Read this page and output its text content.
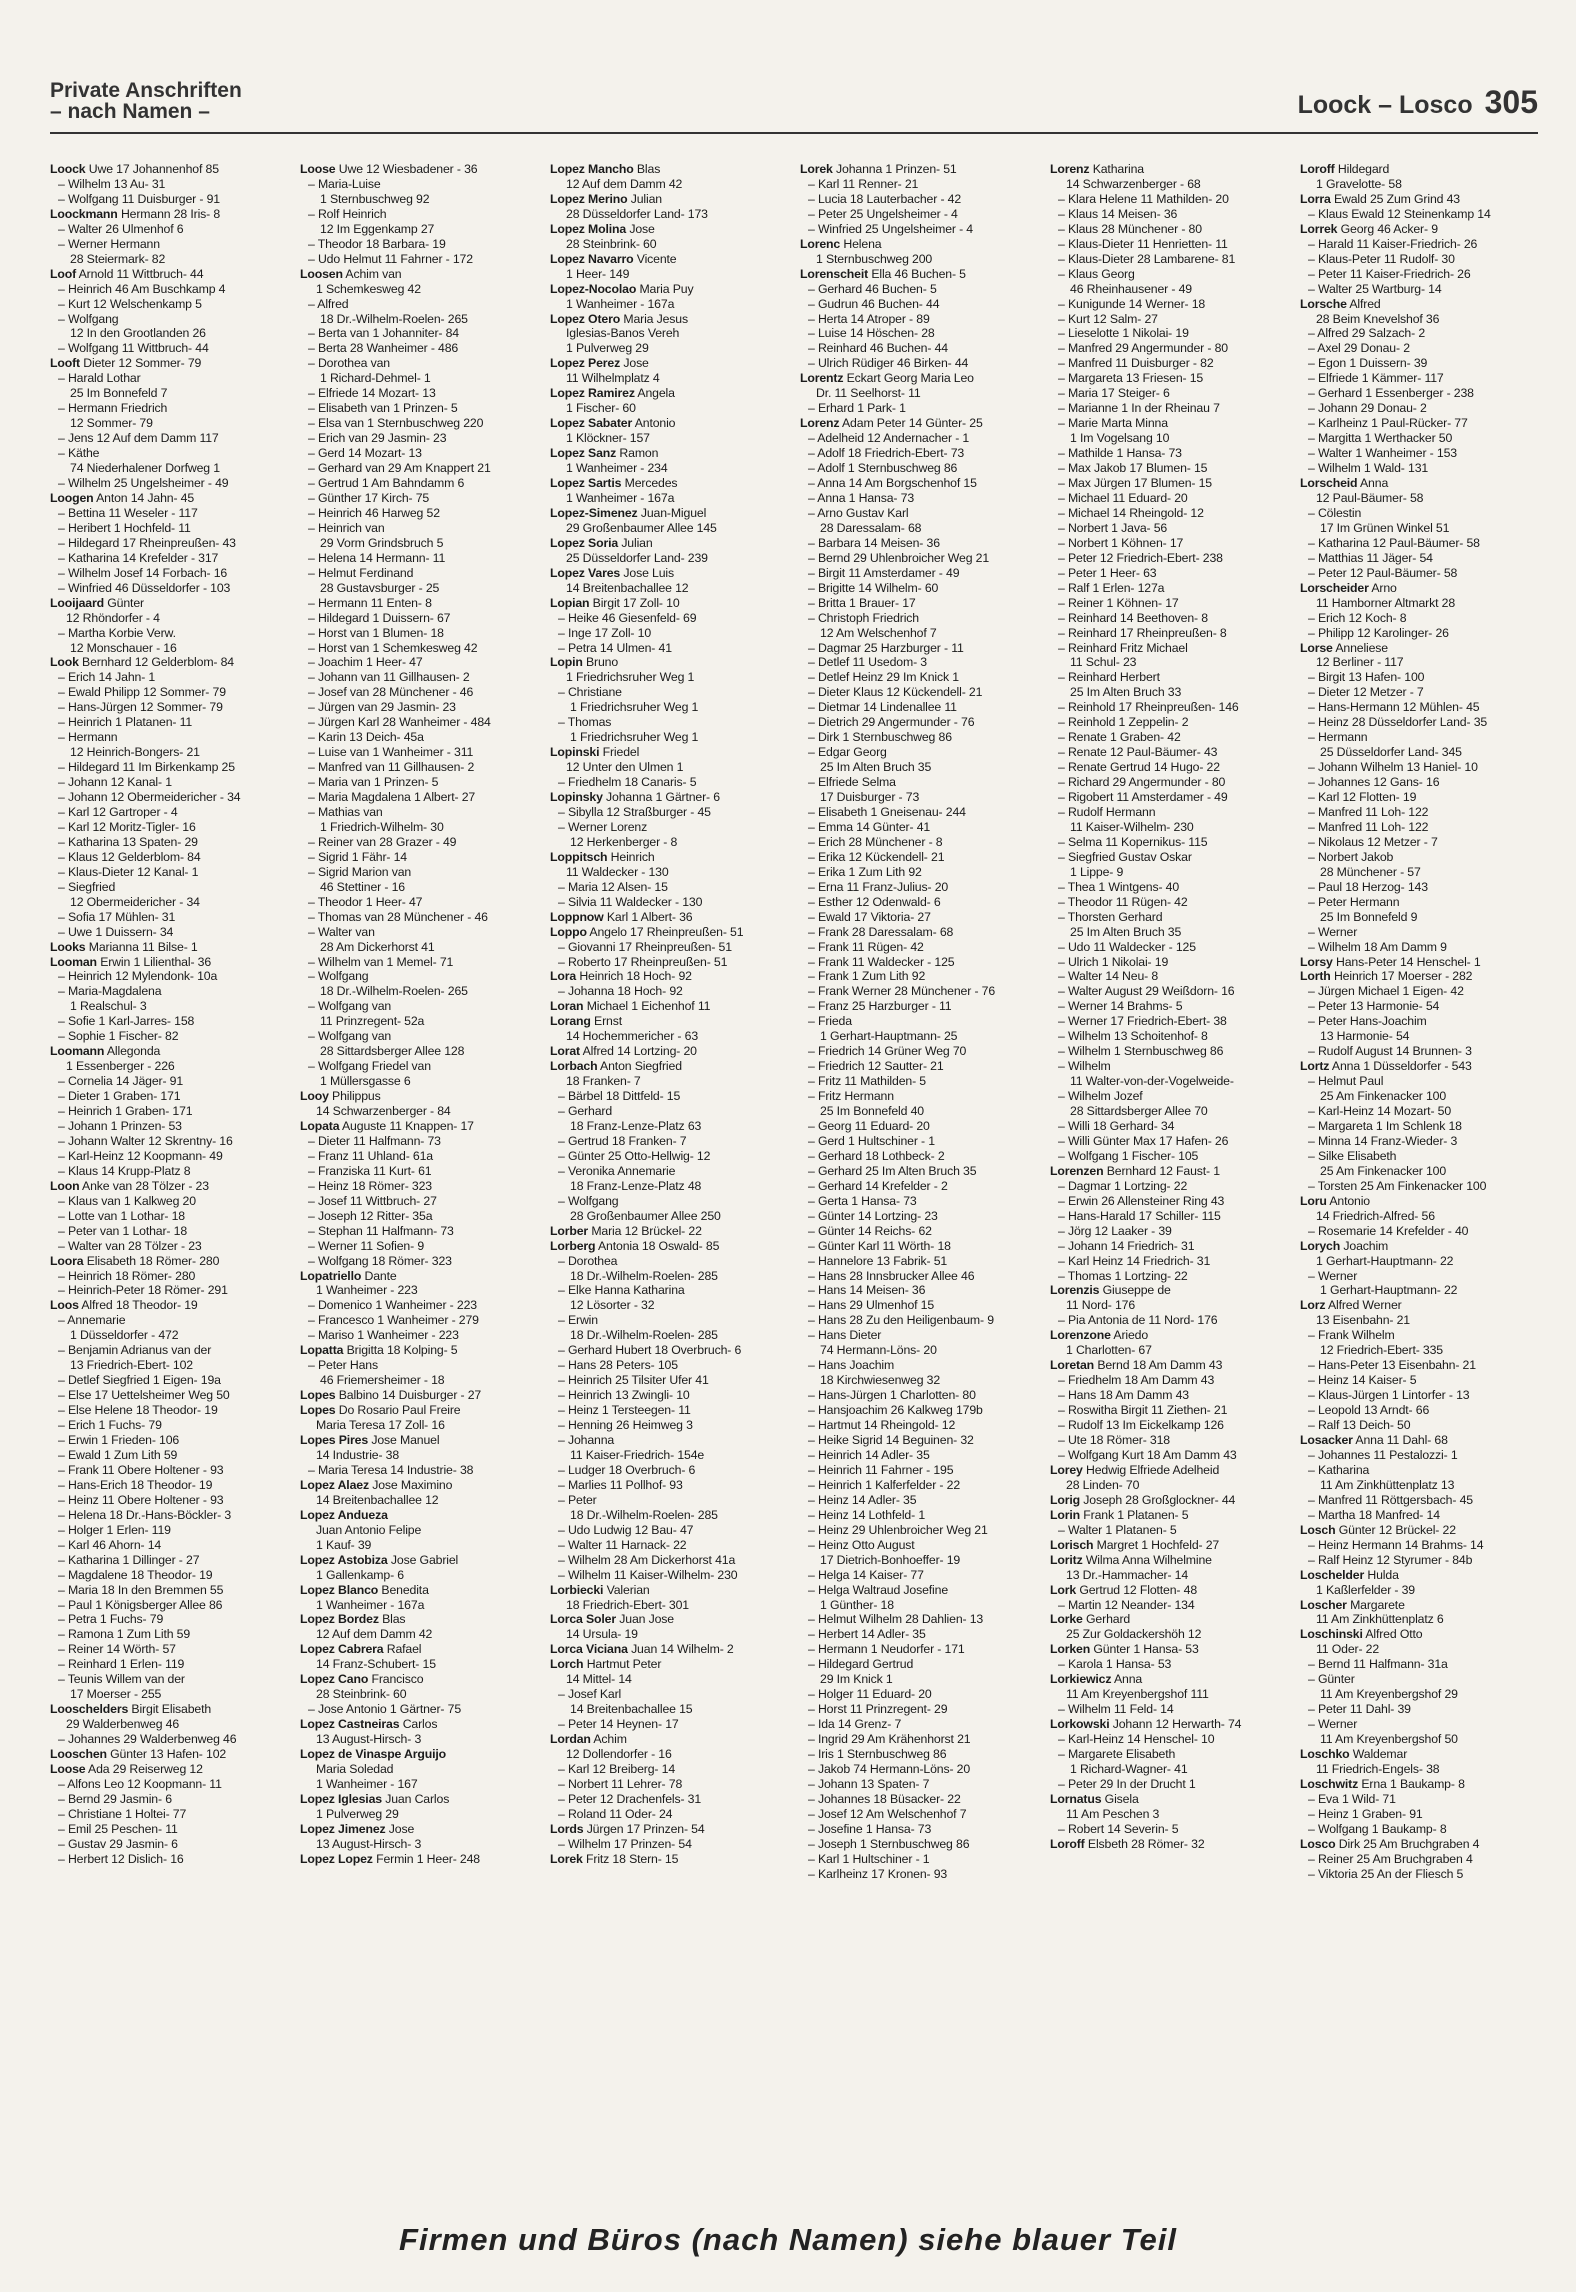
Private Anschriften
– nach Namen –	Loock – Losco 305
Loock Uwe 17 Johannenhof 85
– Wilhelm 13 Au- 31
– Wolfgang 11 Duisburger - 91
Loockmann Hermann 28 Iris- 8
– Walter 26 Ulmenhof 6
– Werner Hermann
28 Steiermark- 82
Loof Arnold 11 Wittbruch- 44
– Heinrich 46 Am Buschkamp 4
– Kurt 12 Welschenkamp 5
– Wolfgang
12 In den Grootlanden 26
– Wolfgang 11 Wittbruch- 44
Looft Dieter 12 Sommer- 79
– Harald Lothar
25 Im Bonnefeld 7
– Hermann Friedrich
12 Sommer- 79
– Jens 12 Auf dem Damm 117
– Käthe
74 Niederhalener Dorfweg 1
– Wilhelm 25 Ungelsheimer - 49
Loogen Anton 14 Jahn- 45
– Bettina 11 Weseler - 117
– Heribert 1 Hochfeld- 11
– Hildegard 17 Rheinpreußen- 43
– Katharina 14 Krefelder - 317
– Wilhelm Josef 14 Forbach- 16
– Winfried 46 Düsseldorfer - 103
Looijaard Günter
12 Rhöndorfer - 4
– Martha Korbie Verw.
12 Monschauer - 16
Look Bernhard 12 Gelderblom- 84
– Erich 14 Jahn- 1
– Ewald Philipp 12 Sommer- 79
– Hans-Jürgen 12 Sommer- 79
– Heinrich 1 Platanen- 11
– Hermann
12 Heinrich-Bongers- 21
– Hildegard 11 Im Birkenkamp 25
– Johann 12 Kanal- 1
– Johann 12 Obermeidericher - 34
– Karl 12 Gartroper - 4
– Karl 12 Moritz-Tigler- 16
– Katharina 13 Spaten- 29
– Klaus 12 Gelderblom- 84
– Klaus-Dieter 12 Kanal- 1
– Siegfried
12 Obermeidericher - 34
– Sofia 17 Mühlen- 31
– Uwe 1 Duissern- 34
Looks Marianna 11 Bilse- 1
Looman Erwin 1 Lilienthal- 36
– Heinrich 12 Mylendonk- 10a
– Maria-Magdalena
1 Realschul- 3
– Sofie 1 Karl-Jarres- 158
– Sophie 1 Fischer- 82
Loomann Allegonda
1 Essenberger - 226
– Cornelia 14 Jäger- 91
– Dieter 1 Graben- 171
– Heinrich 1 Graben- 171
– Johann 1 Prinzen- 53
– Johann Walter 12 Skrentny- 16
– Karl-Heinz 12 Koopmann- 49
– Klaus 14 Krupp-Platz 8
Loon Anke van 28 Tölzer - 23
– Klaus van 1 Kalkweg 20
– Lotte van 1 Lothar- 18
– Peter van 1 Lothar- 18
– Walter van 28 Tölzer - 23
Loora Elisabeth 18 Römer- 280
– Heinrich 18 Römer- 280
– Heinrich-Peter 18 Römer- 291
Loos Alfred 18 Theodor- 19
– Annemarie
1 Düsseldorfer - 472
– Benjamin Adrianus van der
13 Friedrich-Ebert- 102
– Detlef Siegfried 1 Eigen- 19a
– Else 17 Uettelsheimer Weg 50
– Else Helene 18 Theodor- 19
– Erich 1 Fuchs- 79
– Erwin 1 Frieden- 106
– Ewald 1 Zum Lith 59
– Frank 11 Obere Holtener - 93
– Hans-Erich 18 Theodor- 19
– Heinz 11 Obere Holtener - 93
– Helena 18 Dr.-Hans-Böckler- 3
– Holger 1 Erlen- 119
– Karl 46 Ahorn- 14
– Katharina 1 Dillinger - 27
– Magdalene 18 Theodor- 19
– Maria 18 In den Bremmen 55
– Paul 1 Königsberger Allee 86
– Petra 1 Fuchs- 79
– Ramona 1 Zum Lith 59
– Reiner 14 Wörth- 57
– Reinhard 1 Erlen- 119
– Teunis Willem van der
17 Moerser - 255
Looschelders Birgit Elisabeth
29 Walderbenweg 46
– Johannes 29 Walderbenweg 46
Looschen Günter 13 Hafen- 102
Loose Ada 29 Reiserweg 12
– Alfons Leo 12 Koopmann- 11
– Bernd 29 Jasmin- 6
– Christiane 1 Holtei- 77
– Emil 25 Peschen- 11
– Gustav 29 Jasmin- 6
– Herbert 12 Dislich- 16
Loose Uwe 12 Wiesbadener - 36
– Maria-Luise
1 Sternbuschweg 92
– Rolf Heinrich
12 Im Eggenkamp 27
– Theodor 18 Barbara- 19
– Udo Helmut 11 Fahrner - 172
Loosen Achim van
1 Schemkesweg 42
– Alfred
18 Dr.-Wilhelm-Roelen- 265
– Berta van 1 Johanniter- 84
– Berta 28 Wanheimer - 486
– Dorothea van
1 Richard-Dehmel- 1
– Elfriede 14 Mozart- 13
– Elisabeth van 1 Prinzen- 5
– Elsa van 1 Sternbuschweg 220
– Erich van 29 Jasmin- 23
– Gerd 14 Mozart- 13
– Gerhard van 29 Am Knappert 21
– Gertrud 1 Am Bahndamm 6
– Günther 17 Kirch- 75
– Heinrich 46 Harweg 52
– Heinrich van
29 Vorm Grindsbruch 5
– Helena 14 Hermann- 11
– Helmut Ferdinand
28 Gustavsburger - 25
– Hermann 11 Enten- 8
– Hildegard 1 Duissern- 67
– Horst van 1 Blumen- 18
– Horst van 1 Schemkesweg 42
– Joachim 1 Heer- 47
– Johann van 11 Gillhausen- 2
– Josef van 28 Münchener - 46
– Jürgen van 29 Jasmin- 23
– Jürgen Karl 28 Wanheimer - 484
– Karin 13 Deich- 45a
– Luise van 1 Wanheimer - 311
– Manfred van 11 Gillhausen- 2
– Maria van 1 Prinzen- 5
– Maria Magdalena 1 Albert- 27
– Mathias van
1 Friedrich-Wilhelm- 30
– Reiner van 28 Grazer - 49
– Sigrid 1 Fähr- 14
– Sigrid Marion van
46 Stettiner - 16
– Theodor 1 Heer- 47
– Thomas van 28 Münchener - 46
– Walter van
28 Am Dickerhorst 41
– Wilhelm van 1 Memel- 71
– Wolfgang
18 Dr.-Wilhelm-Roelen- 265
– Wolfgang van
11 Prinzregent- 52a
– Wolfgang van
28 Sittardsberger Allee 128
– Wolfgang Friedel van
1 Müllersgasse 6
Looy Philippus
14 Schwarzenberger - 84
Lopata Auguste 11 Knappen- 17
– Dieter 11 Halfmann- 73
– Franz 11 Uhland- 61a
– Franziska 11 Kurt- 61
– Heinz 18 Römer- 323
– Josef 11 Wittbruch- 27
– Joseph 12 Ritter- 35a
– Stephan 11 Halfmann- 73
– Werner 11 Sofien- 9
– Wolfgang 18 Römer- 323
Lopatriello Dante
1 Wanheimer - 223
– Domenico 1 Wanheimer - 223
– Francesco 1 Wanheimer - 279
– Mariso 1 Wanheimer - 223
Lopatta Brigitta 18 Kolping- 5
– Peter Hans
46 Friemersheimer - 18
Lopes Balbino 14 Duisburger - 27
Lopes Do Rosario Paul Freire
Maria Teresa 17 Zoll- 16
Lopes Pires Jose Manuel
14 Industrie- 38
– Maria Teresa 14 Industrie- 38
Lopez Alaez Jose Maximino
14 Breitenbachallee 12
Lopez Andueza
Juan Antonio Felipe
1 Kauf- 39
Lopez Astobiza Jose Gabriel
1 Gallenkamp- 6
Lopez Blanco Benedita
1 Wanheimer - 167a
Lopez Bordez Blas
12 Auf dem Damm 42
Lopez Cabrera Rafael
14 Franz-Schubert- 15
Lopez Cano Francisco
28 Steinbrink- 60
– Jose Antonio 1 Gärtner- 75
Lopez Castneiras Carlos
13 August-Hirsch- 3
Lopez de Vinaspe Arguijo
Maria Soledad
1 Wanheimer - 167
Lopez Iglesias Juan Carlos
1 Pulverweg 29
Lopez Jimenez Jose
13 August-Hirsch- 3
Lopez Lopez Fermin 1 Heer- 248
Lopez Mancho Blas
12 Auf dem Damm 42
Lopez Merino Julian
28 Düsseldorfer Land- 173
Lopez Molina Jose
28 Steinbrink- 60
Lopez Navarro Vicente
1 Heer- 149
Lopez-Nocolao Maria Puy
1 Wanheimer - 167a
Lopez Otero Maria Jesus
Iglesias-Banos Vereh
1 Pulverweg 29
Lopez Perez Jose
11 Wilhelmplatz 4
Lopez Ramirez Angela
1 Fischer- 60
Lopez Sabater Antonio
1 Klöckner- 157
Lopez Sanz Ramon
1 Wanheimer - 234
Lopez Sartis Mercedes
1 Wanheimer - 167a
Lopez-Simenez Juan-Miguel
29 Großenbaumer Allee 145
Lopez Soria Julian
25 Düsseldorfer Land- 239
Lopez Vares Jose Luis
14 Breitenbachallee 12
Lopian Birgit 17 Zoll- 10
– Heike 46 Giesenfeld- 69
– Inge 17 Zoll- 10
– Petra 14 Ulmen- 41
Lopin Bruno
1 Friedrichsruher Weg 1
– Christiane
1 Friedrichsruher Weg 1
– Thomas
1 Friedrichsruher Weg 1
Lopinski Friedel
12 Unter den Ulmen 1
– Friedhelm 18 Canaris- 5
Lopinsky Johanna 1 Gärtner- 6
– Sibylla 12 Straßburger - 45
– Werner Lorenz
12 Herkenberger - 8
Loppitsch Heinrich
11 Waldecker - 130
– Maria 12 Alsen- 15
– Silvia 11 Waldecker - 130
Loppnow Karl 1 Albert- 36
Loppo Angelo 17 Rheinpreußen- 51
– Giovanni 17 Rheinpreußen- 51
– Roberto 17 Rheinpreußen- 51
Lora Heinrich 18 Hoch- 92
– Johanna 18 Hoch- 92
Loran Michael 1 Eichenhof 11
Lorang Ernst
14 Hochemmericher - 63
Lorat Alfred 14 Lortzing- 20
Lorbach Anton Siegfried
18 Franken- 7
– Bärbel 18 Dittfeld- 15
– Gerhard
18 Franz-Lenze-Platz 63
– Gertrud 18 Franken- 7
– Günter 25 Otto-Hellwig- 12
– Veronika Annemarie
18 Franz-Lenze-Platz 48
– Wolfgang
28 Großenbaumer Allee 250
Lorber Maria 12 Brückel- 22
Lorberg Antonia 18 Oswald- 85
– Dorothea
18 Dr.-Wilhelm-Roelen- 285
– Elke Hanna Katharina
12 Lösorter - 32
– Erwin
18 Dr.-Wilhelm-Roelen- 285
– Gerhard Hubert 18 Overbruch- 6
– Hans 28 Peters- 105
– Heinrich 25 Tilsiter Ufer 41
– Heinrich 13 Zwingli- 10
– Heinz 1 Tersteegen- 11
– Henning 26 Heimweg 3
– Johanna
11 Kaiser-Friedrich- 154e
– Ludger 18 Overbruch- 6
– Marlies 11 Pollhof- 93
– Peter
18 Dr.-Wilhelm-Roelen- 285
– Udo Ludwig 12 Bau- 47
– Walter 11 Harnack- 22
– Wilhelm 28 Am Dickerhorst 41a
– Wilhelm 11 Kaiser-Wilhelm- 230
Lorbiecki Valerian
18 Friedrich-Ebert- 301
Lorca Soler Juan Jose
14 Ursula- 19
Lorca Viciana Juan 14 Wilhelm- 2
Lorch Hartmut Peter
14 Mittel- 14
– Josef Karl
14 Breitenbachallee 15
– Peter 14 Heynen- 17
Lordan Achim
12 Dollendorfer - 16
– Karl 12 Breiberg- 14
– Norbert 11 Lehrer- 78
– Peter 12 Drachenfels- 31
– Roland 11 Oder- 24
Lords Jürgen 17 Prinzen- 54
– Wilhelm 17 Prinzen- 54
Lorek Fritz 18 Stern- 15
Lorek Johanna 1 Prinzen- 51
– Karl 11 Renner- 21
– Lucia 18 Lauterbacher - 42
– Peter 25 Ungelsheimer - 4
– Winfried 25 Ungelsheimer - 4
Lorenc Helena
1 Sternbuschweg 200
Lorenscheit Ella 46 Buchen- 5
– Gerhard 46 Buchen- 5
– Gudrun 46 Buchen- 44
– Herta 14 Atroper - 89
– Luise 14 Höschen- 28
– Reinhard 46 Buchen- 44
– Ulrich Rüdiger 46 Birken- 44
Lorentz Eckart Georg Maria Leo
Dr. 11 Seelhorst- 11
– Erhard 1 Park- 1
Lorenz Adam Peter 14 Günter- 25
– Adelheid 12 Andernacher - 1
– Adolf 18 Friedrich-Ebert- 73
– Adolf 1 Sternbuschweg 86
– Anna 14 Am Borgschenhof 15
– Anna 1 Hansa- 73
– Arno Gustav Karl
28 Daressalam- 68
– Barbara 14 Meisen- 36
– Bernd 29 Uhlenbroicher Weg 21
– Birgit 11 Amsterdamer - 49
– Brigitte 14 Wilhelm- 60
– Britta 1 Brauer- 17
– Christoph Friedrich
12 Am Welschenhof 7
– Dagmar 25 Harzburger - 11
– Detlef 11 Usedom- 3
– Detlef Heinz 29 Im Knick 1
– Dieter Klaus 12 Kückendell- 21
– Dietmar 14 Lindenallee 11
– Dietrich 29 Angermunder - 76
– Dirk 1 Sternbuschweg 86
– Edgar Georg
25 Im Alten Bruch 35
– Elfriede Selma
17 Duisburger - 73
– Elisabeth 1 Gneisenau- 244
– Emma 14 Günter- 41
– Erich 28 Münchener - 8
– Erika 12 Kückendell- 21
– Erika 1 Zum Lith 92
– Erna 11 Franz-Julius- 20
– Esther 12 Odenwald- 6
– Ewald 17 Viktoria- 27
– Frank 28 Daressalam- 68
– Frank 11 Rügen- 42
– Frank 11 Waldecker - 125
– Frank 1 Zum Lith 92
– Frank Werner 28 Münchener - 76
– Franz 25 Harzburger - 11
– Frieda
1 Gerhart-Hauptmann- 25
– Friedrich 14 Grüner Weg 70
– Friedrich 12 Sautter- 21
– Fritz 11 Mathilden- 5
– Fritz Hermann
25 Im Bonnefeld 40
– Georg 11 Eduard- 20
– Gerd 1 Hultschiner - 1
– Gerhard 18 Lothbeck- 2
– Gerhard 25 Im Alten Bruch 35
– Gerhard 14 Krefelder - 2
– Gerta 1 Hansa- 73
– Günter 14 Lortzing- 23
– Günter 14 Reichs- 62
– Günter Karl 11 Wörth- 18
– Hannelore 13 Fabrik- 51
– Hans 28 Innsbrucker Allee 46
– Hans 14 Meisen- 36
– Hans 29 Ulmenhof 15
– Hans 28 Zu den Heiligenbaum- 9
– Hans Dieter
74 Hermann-Löns- 20
– Hans Joachim
18 Kirchwiesenweg 32
– Hans-Jürgen 1 Charlotten- 80
– Hansjoachim 26 Kalkweg 179b
– Hartmut 14 Rheingold- 12
– Heike Sigrid 14 Beguinen- 32
– Heinrich 14 Adler- 35
– Heinrich 11 Fahrner - 195
– Heinrich 1 Kalferfelder - 22
– Heinz 14 Adler- 35
– Heinz 14 Lothfeld- 1
– Heinz 29 Uhlenbroicher Weg 21
– Heinz Otto August
17 Dietrich-Bonhoeffer- 19
– Helga 14 Kaiser- 77
– Helga Waltraud Josefine
1 Günther- 18
– Helmut Wilhelm 28 Dahlien- 13
– Herbert 14 Adler- 35
– Hermann 1 Neudorfer - 171
– Hildegard Gertrud
29 Im Knick 1
– Holger 11 Eduard- 20
– Horst 11 Prinzregent- 29
– Ida 14 Grenz- 7
– Ingrid 29 Am Krähenhorst 21
– Iris 1 Sternbuschweg 86
– Jakob 74 Hermann-Löns- 20
– Johann 13 Spaten- 7
– Johannes 18 Büsacker- 22
– Josef 12 Am Welschenhof 7
– Josefine 1 Hansa- 73
– Joseph 1 Sternbuschweg 86
– Karl 1 Hultschiner - 1
– Karlheinz 17 Kronen- 93
Lorenz Katharina
14 Schwarzenberger - 68
– Klara Helene 11 Mathilden- 20
– Klaus 14 Meisen- 36
– Klaus 28 Münchener - 80
– Klaus-Dieter 11 Henrietten- 11
– Klaus-Dieter 28 Lambarene- 81
– Klaus Georg
46 Rheinhausener - 49
– Kunigunde 14 Werner- 18
– Kurt 12 Salm- 27
– Lieselotte 1 Nikolai- 19
– Manfred 29 Angermunder - 80
– Manfred 11 Duisburger - 82
– Margareta 13 Friesen- 15
– Maria 17 Steiger- 6
– Marianne 1 In der Rheinau 7
– Marie Marta Minna
1 Im Vogelsang 10
– Mathilde 1 Hansa- 73
– Max Jakob 17 Blumen- 15
– Max Jürgen 17 Blumen- 15
– Michael 11 Eduard- 20
– Michael 14 Rheingold- 12
– Norbert 1 Java- 56
– Norbert 1 Köhnen- 17
– Peter 12 Friedrich-Ebert- 238
– Peter 1 Heer- 63
– Ralf 1 Erlen- 127a
– Reiner 1 Köhnen- 17
– Reinhard 14 Beethoven- 8
– Reinhard 17 Rheinpreußen- 8
– Reinhard Fritz Michael
11 Schul- 23
– Reinhard Herbert
25 Im Alten Bruch 33
– Reinhold 17 Rheinpreußen- 146
– Reinhold 1 Zeppelin- 2
– Renate 1 Graben- 42
– Renate 12 Paul-Bäumer- 43
– Renate Gertrud 14 Hugo- 22
– Richard 29 Angermunder - 80
– Rigobert 11 Amsterdamer - 49
– Rudolf Hermann
11 Kaiser-Wilhelm- 230
– Selma 11 Kopernikus- 115
– Siegfried Gustav Oskar
1 Lippe- 9
– Thea 1 Wintgens- 40
– Theodor 11 Rügen- 42
– Thorsten Gerhard
25 Im Alten Bruch 35
– Udo 11 Waldecker - 125
– Ulrich 1 Nikolai- 19
– Walter 14 Neu- 8
– Walter August 29 Weißdorn- 16
– Werner 14 Brahms- 5
– Werner 17 Friedrich-Ebert- 38
– Wilhelm 13 Schoitenhof- 8
– Wilhelm 1 Sternbuschweg 86
– Wilhelm
11 Walter-von-der-Vogelweide-
– Wilhelm Jozef
28 Sittardsberger Allee 70
– Willi 18 Gerhard- 34
– Willi Günter Max 17 Hafen- 26
– Wolfgang 1 Fischer- 105
Lorenzen Bernhard 12 Faust- 1
– Dagmar 1 Lortzing- 22
– Erwin 26 Allensteiner Ring 43
– Hans-Harald 17 Schiller- 115
– Jörg 12 Laaker - 39
– Johann 14 Friedrich- 31
– Karl Heinz 14 Friedrich- 31
– Thomas 1 Lortzing- 22
Lorenzis Giuseppe de
11 Nord- 176
– Pia Antonia de 11 Nord- 176
Lorenzone Ariedo
1 Charlotten- 67
Loretan Bernd 18 Am Damm 43
– Friedhelm 18 Am Damm 43
– Hans 18 Am Damm 43
– Roswitha Birgit 11 Ziethen- 21
– Rudolf 13 Im Eickelkamp 126
– Ute 18 Römer- 318
– Wolfgang Kurt 18 Am Damm 43
Lorey Hedwig Elfriede Adelheid
28 Linden- 70
Lorig Joseph 28 Großglockner- 44
Lorin Frank 1 Platanen- 5
– Walter 1 Platanen- 5
Lorisch Margret 1 Hochfeld- 27
Loritz Wilma Anna Wilhelmine
13 Dr.-Hammacher- 14
Lork Gertrud 12 Flotten- 48
– Martin 12 Neander- 134
Lorke Gerhard
25 Zur Goldackershöh 12
Lorken Günter 1 Hansa- 53
– Karola 1 Hansa- 53
Lorkiewicz Anna
11 Am Kreyenbergshof 111
– Wilhelm 11 Feld- 14
Lorkowski Johann 12 Herwarth- 74
– Karl-Heinz 14 Henschel- 10
– Margarete Elisabeth
1 Richard-Wagner- 41
– Peter 29 In der Drucht 1
Lornatus Gisela
11 Am Peschen 3
– Robert 14 Severin- 5
Loroff Elsbeth 28 Römer- 32
Loroff Hildegard
1 Gravelotte- 58
Lorra Ewald 25 Zum Grind 43
– Klaus Ewald 12 Steinenkamp 14
Lorrek Georg 46 Acker- 9
– Harald 11 Kaiser-Friedrich- 26
– Klaus-Peter 11 Rudolf- 30
– Peter 11 Kaiser-Friedrich- 26
– Walter 25 Wartburg- 14
Lorsche Alfred
28 Beim Knevelshof 36
– Alfred 29 Salzach- 2
– Axel 29 Donau- 2
– Egon 1 Duissern- 39
– Elfriede 1 Kämmer- 117
– Gerhard 1 Essenberger - 238
– Johann 29 Donau- 2
– Karlheinz 1 Paul-Rücker- 77
– Margitta 1 Werthacker 50
– Walter 1 Wanheimer - 153
– Wilhelm 1 Wald- 131
Lorscheid Anna
12 Paul-Bäumer- 58
– Cölestin
17 Im Grünen Winkel 51
– Katharina 12 Paul-Bäumer- 58
– Matthias 11 Jäger- 54
– Peter 12 Paul-Bäumer- 58
Lorscheider Arno
11 Hamborner Altmarkt 28
– Erich 12 Koch- 8
– Philipp 12 Karolinger- 26
Lorse Anneliese
12 Berliner - 117
– Birgit 13 Hafen- 100
– Dieter 12 Metzer - 7
– Hans-Hermann 12 Mühlen- 45
– Heinz 28 Düsseldorfer Land- 35
– Hermann
25 Düsseldorfer Land- 345
– Johann Wilhelm 13 Haniel- 10
– Johannes 12 Gans- 16
– Karl 12 Flotten- 19
– Manfred 11 Loh- 122
– Manfred 11 Loh- 122
– Nikolaus 12 Metzer - 7
– Norbert Jakob
28 Münchener - 57
– Paul 18 Herzog- 143
– Peter Hermann
25 Im Bonnefeld 9
– Werner
– Wilhelm 18 Am Damm 9
Lorsy Hans-Peter 14 Henschel- 1
Lorth Heinrich 17 Moerser - 282
– Jürgen Michael 1 Eigen- 42
– Peter 13 Harmonie- 54
– Peter Hans-Joachim
13 Harmonie- 54
– Rudolf August 14 Brunnen- 3
Lortz Anna 1 Düsseldorfer - 543
– Helmut Paul
25 Am Finkenacker 100
– Karl-Heinz 14 Mozart- 50
– Margareta 1 Im Schlenk 18
– Minna 14 Franz-Wieder- 3
– Silke Elisabeth
25 Am Finkenacker 100
– Torsten 25 Am Finkenacker 100
Loru Antonio
14 Friedrich-Alfred- 56
– Rosemarie 14 Krefelder - 40
Lorych Joachim
1 Gerhart-Hauptmann- 22
– Werner
1 Gerhart-Hauptmann- 22
Lorz Alfred Werner
13 Eisenbahn- 21
– Frank Wilhelm
12 Friedrich-Ebert- 335
– Hans-Peter 13 Eisenbahn- 21
– Heinz 14 Kaiser- 5
– Klaus-Jürgen 1 Lintorfer - 13
– Leopold 13 Arndt- 66
– Ralf 13 Deich- 50
Losacker Anna 11 Dahl- 68
– Johannes 11 Pestalozzi- 1
– Katharina
11 Am Zinkhüttenplatz 13
– Manfred 11 Röttgersbach- 45
– Martha 18 Manfred- 14
Losch Günter 12 Brückel- 22
– Heinz Hermann 14 Brahms- 14
– Ralf Heinz 12 Styrumer - 84b
Loschelder Hulda
1 Kaßlerfelder - 39
Loscher Margarete
11 Am Zinkhüttenplatz 6
Loschinski Alfred Otto
11 Oder- 22
– Bernd 11 Halfmann- 31a
– Günter
11 Am Kreyenbergshof 29
– Peter 11 Dahl- 39
– Werner
11 Am Kreyenbergshof 50
Loschko Waldemar
11 Friedrich-Engels- 38
Loschwitz Erna 1 Baukamp- 8
– Eva 1 Wild- 71
– Heinz 1 Graben- 91
– Wolfgang 1 Baukamp- 8
Losco Dirk 25 Am Bruchgraben 4
– Reiner 25 Am Bruchgraben 4
– Viktoria 25 An der Fliesch 5
Firmen und Büros (nach Namen) siehe blauer Teil
